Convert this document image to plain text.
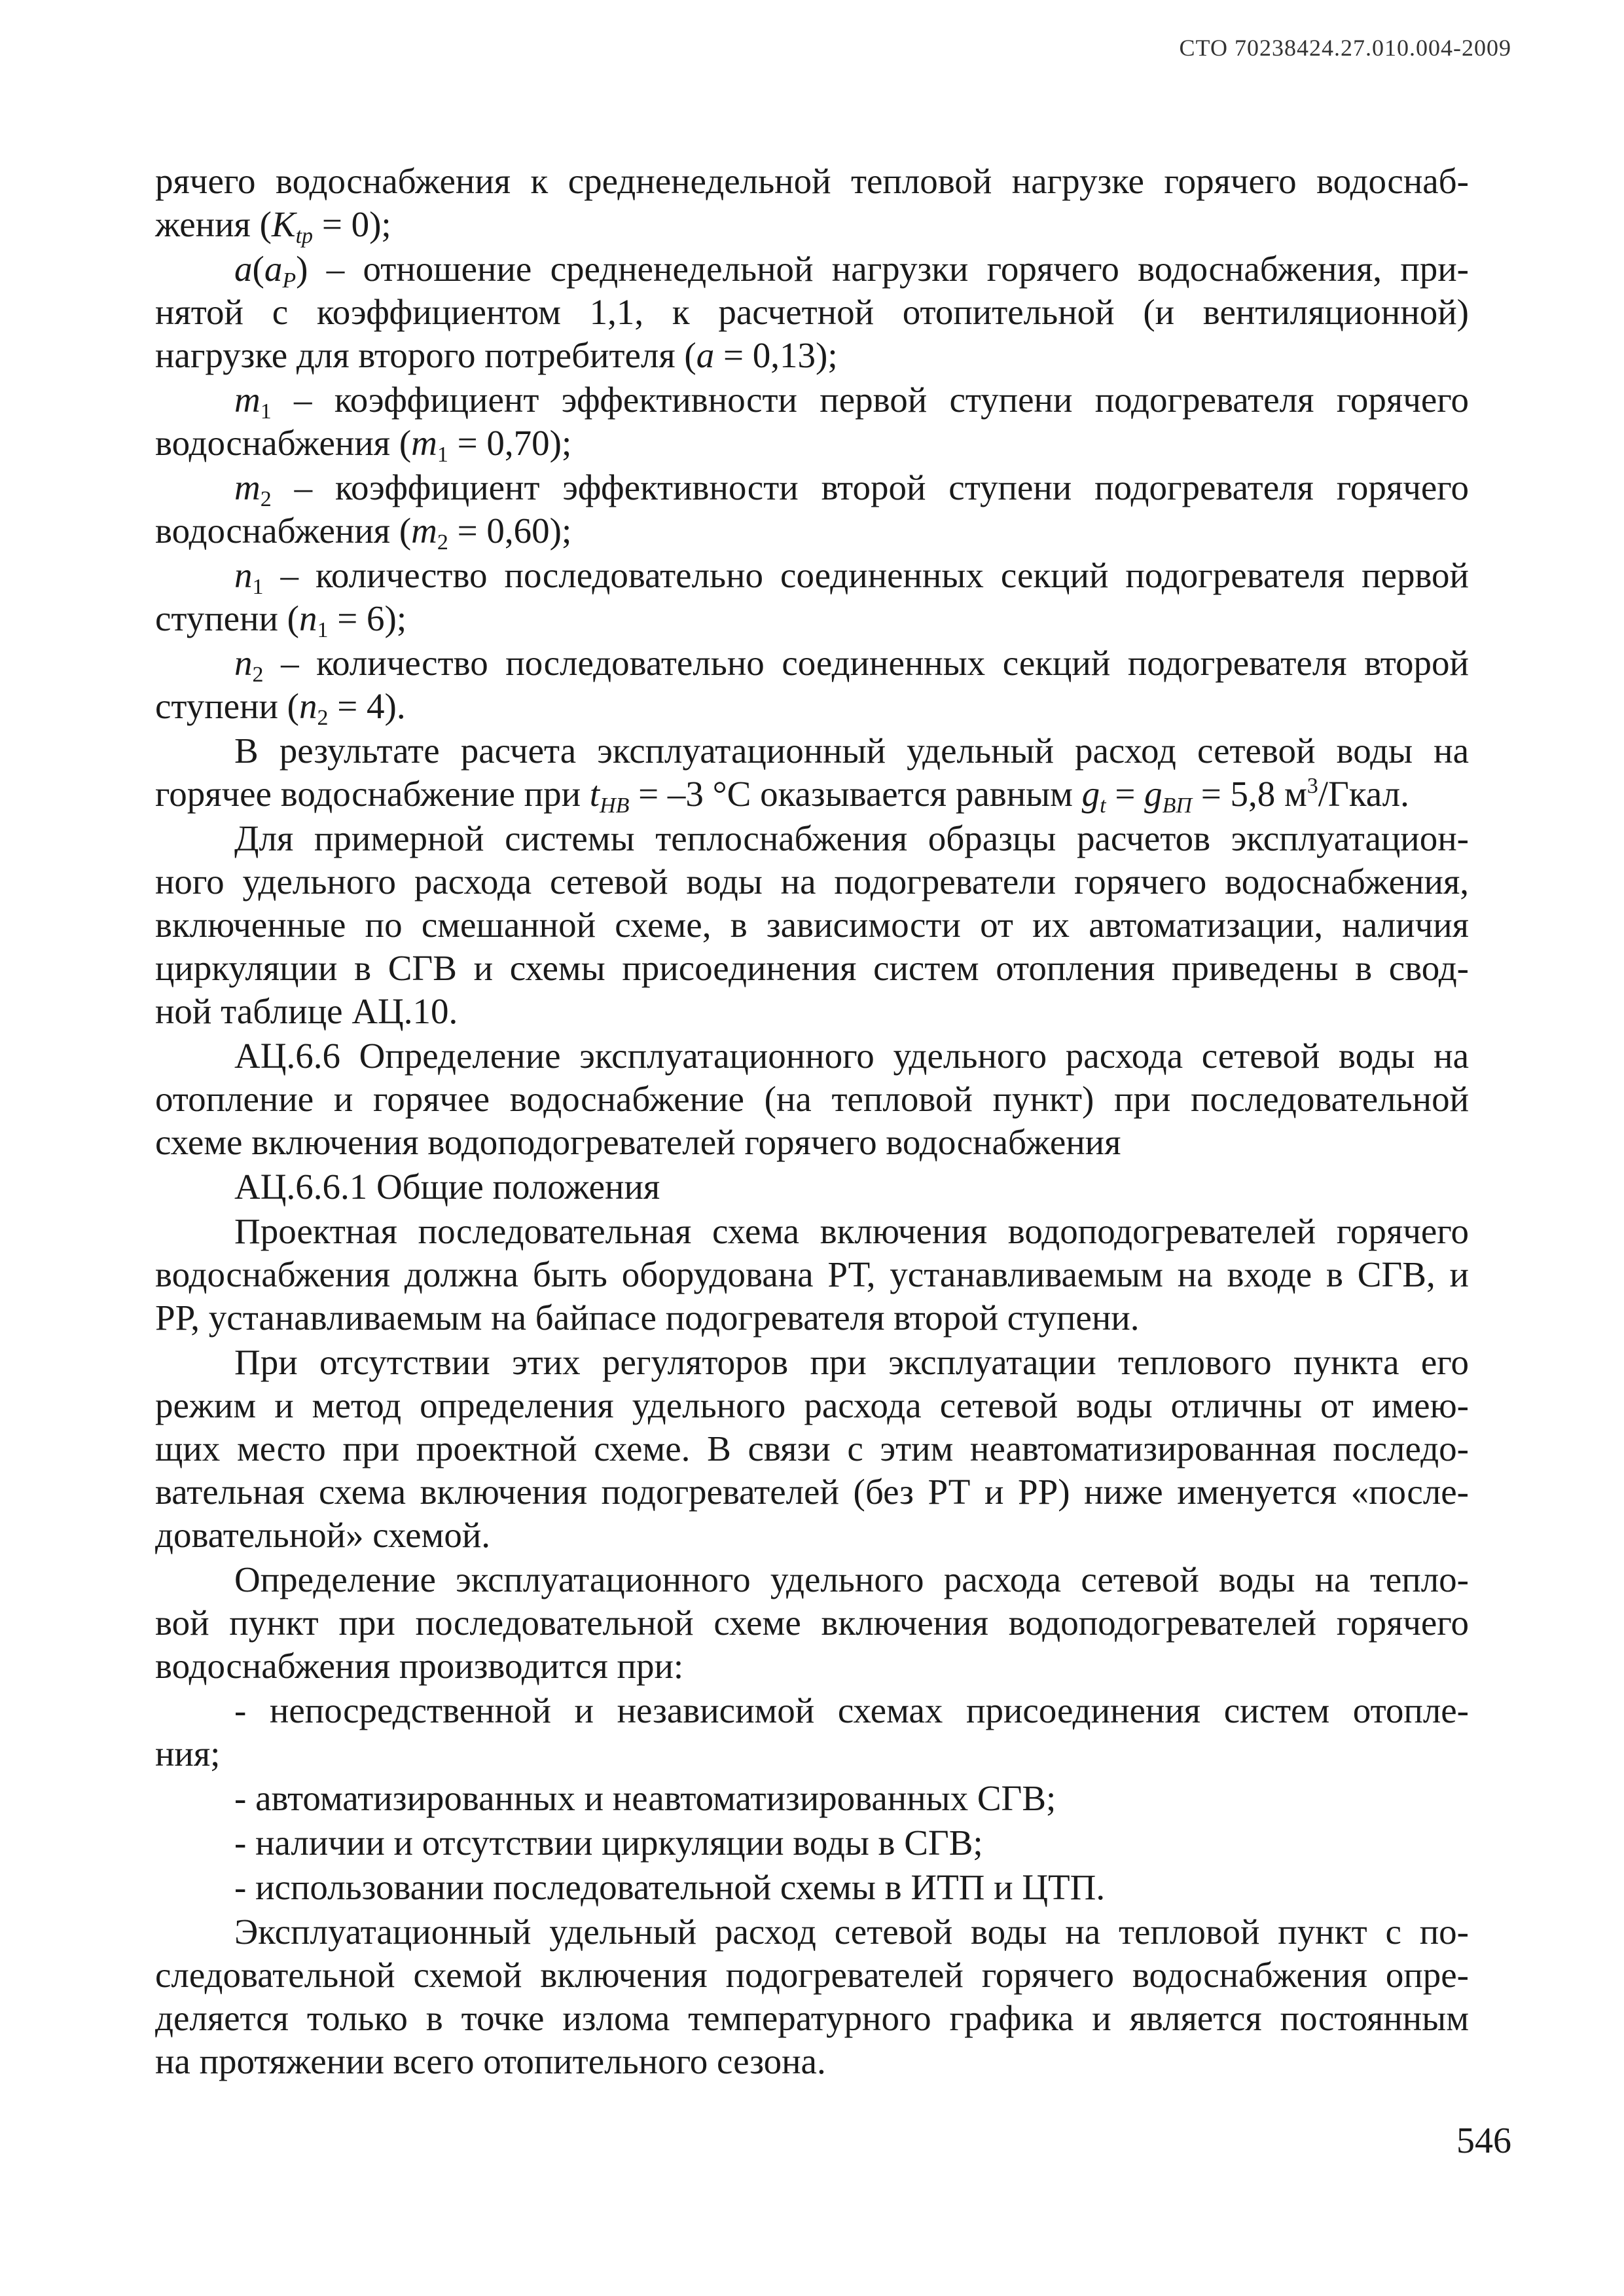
СТО 70238424.27.010.004-2009
рячего водоснабжения к средненедельной тепловой нагрузке горячего водоснаб-
жения $(K_{tp} = 0)$;
$a(a_Р)$ – отношение средненедельной нагрузки горячего водоснабжения, при-
нятой с коэффициентом 1,1, к расчетной отопительной (и вентиляционной)
нагрузке для второго потребителя (a = 0,13);
$m_1$ – коэффициент эффективности первой ступени подогревателя горячего
водоснабжения $(m_1 = 0,70)$;
$m_2$ – коэффициент эффективности второй ступени подогревателя горячего
водоснабжения $(m_2 = 0,60)$;
$n_1$ – количество последовательно соединенных секций подогревателя первой
ступени $(n_1 = 6)$;
$n_2$ – количество последовательно соединенных секций подогревателя второй
ступени $(n_2 = 4)$.
В результате расчета эксплуатационный удельный расход сетевой воды на
горячее водоснабжение при $t_{НВ} = -3$ °С оказывается равным $g_t = g_{ВП} = 5,8$ $м^3$/Гкал.
Для примерной системы теплоснабжения образцы расчетов эксплуатацион-
ного удельного расхода сетевой воды на подогреватели горячего водоснабжения,
включенные по смешанной схеме, в зависимости от их автоматизации, наличия
циркуляции в СГВ и схемы присоединения систем отопления приведены в свод-
ной таблице АЦ.10.
АЦ.6.6 Определение эксплуатационного удельного расхода сетевой воды на
отопление и горячее водоснабжение (на тепловой пункт) при последовательной
схеме включения водоподогревателей горячего водоснабжения
АЦ.6.6.1 Общие положения
Проектная последовательная схема включения водоподогревателей горячего
водоснабжения должна быть оборудована РТ, устанавливаемым на входе в СГВ, и
РР, устанавливаемым на байпасе подогревателя второй ступени.
При отсутствии этих регуляторов при эксплуатации теплового пункта его
режим и метод определения удельного расхода сетевой воды отличны от имею-
щих место при проектной схеме. В связи с этим неавтоматизированная последо-
вательная схема включения подогревателей (без РТ и РР) ниже именуется «после-
довательной» схемой.
Определение эксплуатационного удельного расхода сетевой воды на тепло-
вой пункт при последовательной схеме включения водоподогревателей горячего
водоснабжения производится при:
- непосредственной и независимой схемах присоединения систем отопле-
ния;
- автоматизированных и неавтоматизированных СГВ;
- наличии и отсутствии циркуляции воды в СГВ;
- использовании последовательной схемы в ИТП и ЦТП.
Эксплуатационный удельный расход сетевой воды на тепловой пункт с по-
следовательной схемой включения подогревателей горячего водоснабжения опре-
деляется только в точке излома температурного графика и является постоянным
на протяжении всего отопительного сезона.
546
